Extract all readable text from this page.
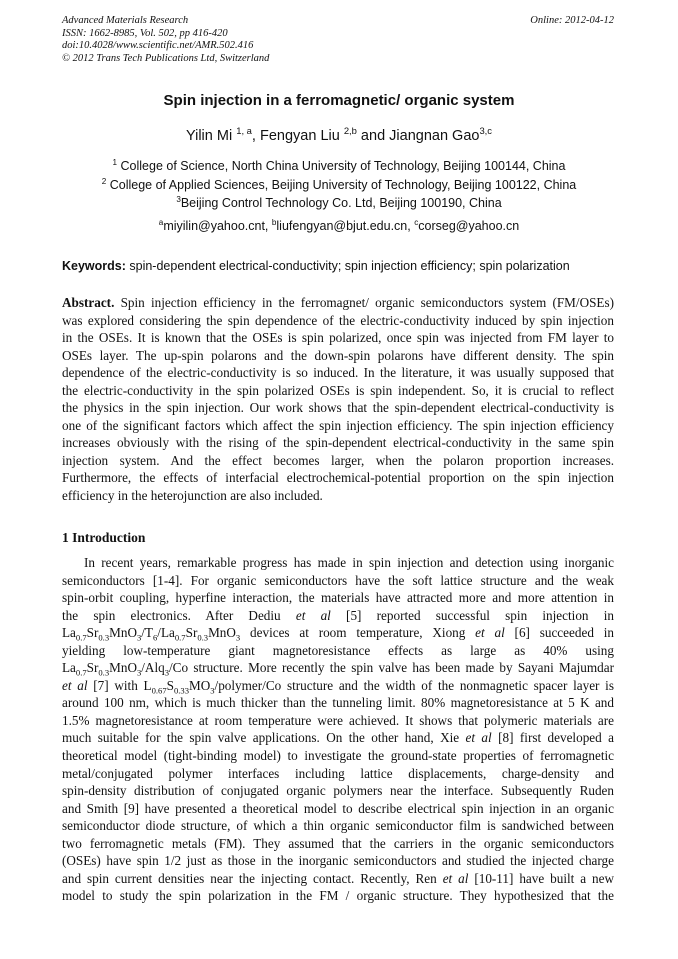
Advanced Materials Research
ISSN: 1662-8985, Vol. 502, pp 416-420
doi:10.4028/www.scientific.net/AMR.502.416
© 2012 Trans Tech Publications Ltd, Switzerland
Online: 2012-04-12
Spin injection in a ferromagnetic/ organic system
Yilin Mi $^{1, a}$, Fengyan Liu $^{2,b}$ and Jiangnan Gao$^{3,c}$
$^1$ College of Science, North China University of Technology, Beijing 100144, China
$^2$ College of Applied Sciences, Beijing University of Technology, Beijing 100122, China
$^3$Beijing Control Technology Co. Ltd, Beijing 100190, China
$^a$miyilin@yahoo.cnt, $^b$liufengyan@bjut.edu.cn, $^c$corseg@yahoo.cn
Keywords: spin-dependent electrical-conductivity; spin injection efficiency; spin polarization
Abstract. Spin injection efficiency in the ferromagnet/ organic semiconductors system (FM/OSEs)
was explored considering the spin dependence of the electric-conductivity induced by spin injection
in the OSEs. It is known that the OSEs is spin polarized, once spin was injected from FM layer to
OSEs layer. The up-spin polarons and the down-spin polarons have different density. The spin
dependence of the electric-conductivity is so induced. In the literature, it was usually supposed that
the electric-conductivity in the spin polarized OSEs is spin independent. So, it is crucial to reflect
the physics in the spin injection. Our work shows that the spin-dependent electrical-conductivity is
one of the significant factors which affect the spin injection efficiency. The spin injection efficiency
increases obviously with the rising of the spin-dependent electrical-conductivity in the same spin
injection system. And the effect becomes larger, when the polaron proportion increases.
Furthermore, the effects of interfacial electrochemical-potential proportion on the spin injection
efficiency in the heterojunction are also included.
1 Introduction
In recent years, remarkable progress has made in spin injection and detection using inorganic
semiconductors [1-4]. For organic semiconductors have the soft lattice structure and the weak
spin-orbit coupling, hyperfine interaction, the materials have attracted more and more attention in
the spin electronics. After Dediu et al [5] reported successful spin injection in
$La_{0.7}Sr_{0.3}MnO_3/T_6/La_{0.7}Sr_{0.3}MnO_3$ devices at room temperature, Xiong et al [6] succeeded in
yielding low-temperature giant magnetoresistance effects as large as 40% using
$La_{0.7}Sr_{0.3}MnO_3/Alq_3/Co$ structure. More recently the spin valve has been made by Sayani Majumdar
et al [7] with $L_{0.67}S_{0.33}MO_3/polymer/Co$ structure and the width of the nonmagnetic spacer layer is
around 100 nm, which is much thicker than the tunneling limit. 80% magnetoresistance at 5 K and
1.5% magnetoresistance at room temperature were achieved. It shows that polymeric materials are
much suitable for the spin valve applications. On the other hand, Xie et al [8] first developed a
theoretical model (tight-binding model) to investigate the ground-state properties of ferromagnetic
metal/conjugated polymer interfaces including lattice displacements, charge-density and
spin-density distribution of conjugated organic polymers near the interface. Subsequently Ruden
and Smith [9] have presented a theoretical model to describe electrical spin injection in an organic
semiconductor diode structure, of which a thin organic semiconductor film is sandwiched between
two ferromagnetic metals (FM). They assumed that the carriers in the organic semiconductors
(OSEs) have spin 1/2 just as those in the inorganic semiconductors and studied the injected charge
and spin current densities near the injecting contact. Recently, Ren et al [10-11] have built a new
model to study the spin polarization in the FM / organic structure. They hypothesized that the
